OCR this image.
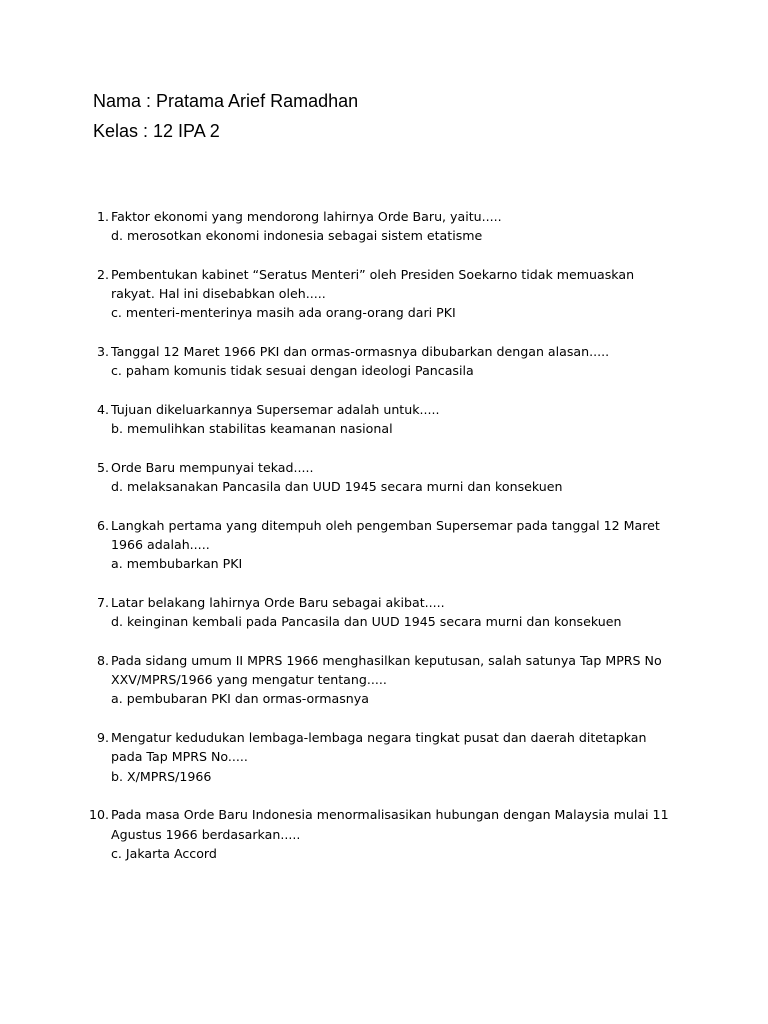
Nama : Pratama Arief Ramadhan
Kelas : 12 IPA 2
1. Faktor ekonomi yang mendorong lahirnya Orde Baru, yaitu.....
d. merosotkan ekonomi indonesia sebagai sistem etatisme
2. Pembentukan kabinet “Seratus Menteri” oleh Presiden Soekarno tidak memuaskan
rakyat. Hal ini disebabkan oleh.....
c. menteri-menterinya masih ada orang-orang dari PKI
3. Tanggal 12 Maret 1966 PKI dan ormas-ormasnya dibubarkan dengan alasan.....
c. paham komunis tidak sesuai dengan ideologi Pancasila
4. Tujuan dikeluarkannya Supersemar adalah untuk.....
b. memulihkan stabilitas keamanan nasional
5. Orde Baru mempunyai tekad.....
d. melaksanakan Pancasila dan UUD 1945 secara murni dan konsekuen
6. Langkah pertama yang ditempuh oleh pengemban Supersemar pada tanggal 12 Maret
1966 adalah.....
a. membubarkan PKI
7. Latar belakang lahirnya Orde Baru sebagai akibat.....
d. keinginan kembali pada Pancasila dan UUD 1945 secara murni dan konsekuen
8. Pada sidang umum II MPRS 1966 menghasilkan keputusan, salah satunya Tap MPRS No
XXV/MPRS/1966 yang mengatur tentang.....
a. pembubaran PKI dan ormas-ormasnya
9. Mengatur kedudukan lembaga-lembaga negara tingkat pusat dan daerah ditetapkan
pada Tap MPRS No.....
b. X/MPRS/1966
10. Pada masa Orde Baru Indonesia menormalisasikan hubungan dengan Malaysia mulai 11
Agustus 1966 berdasarkan.....
c. Jakarta Accord
